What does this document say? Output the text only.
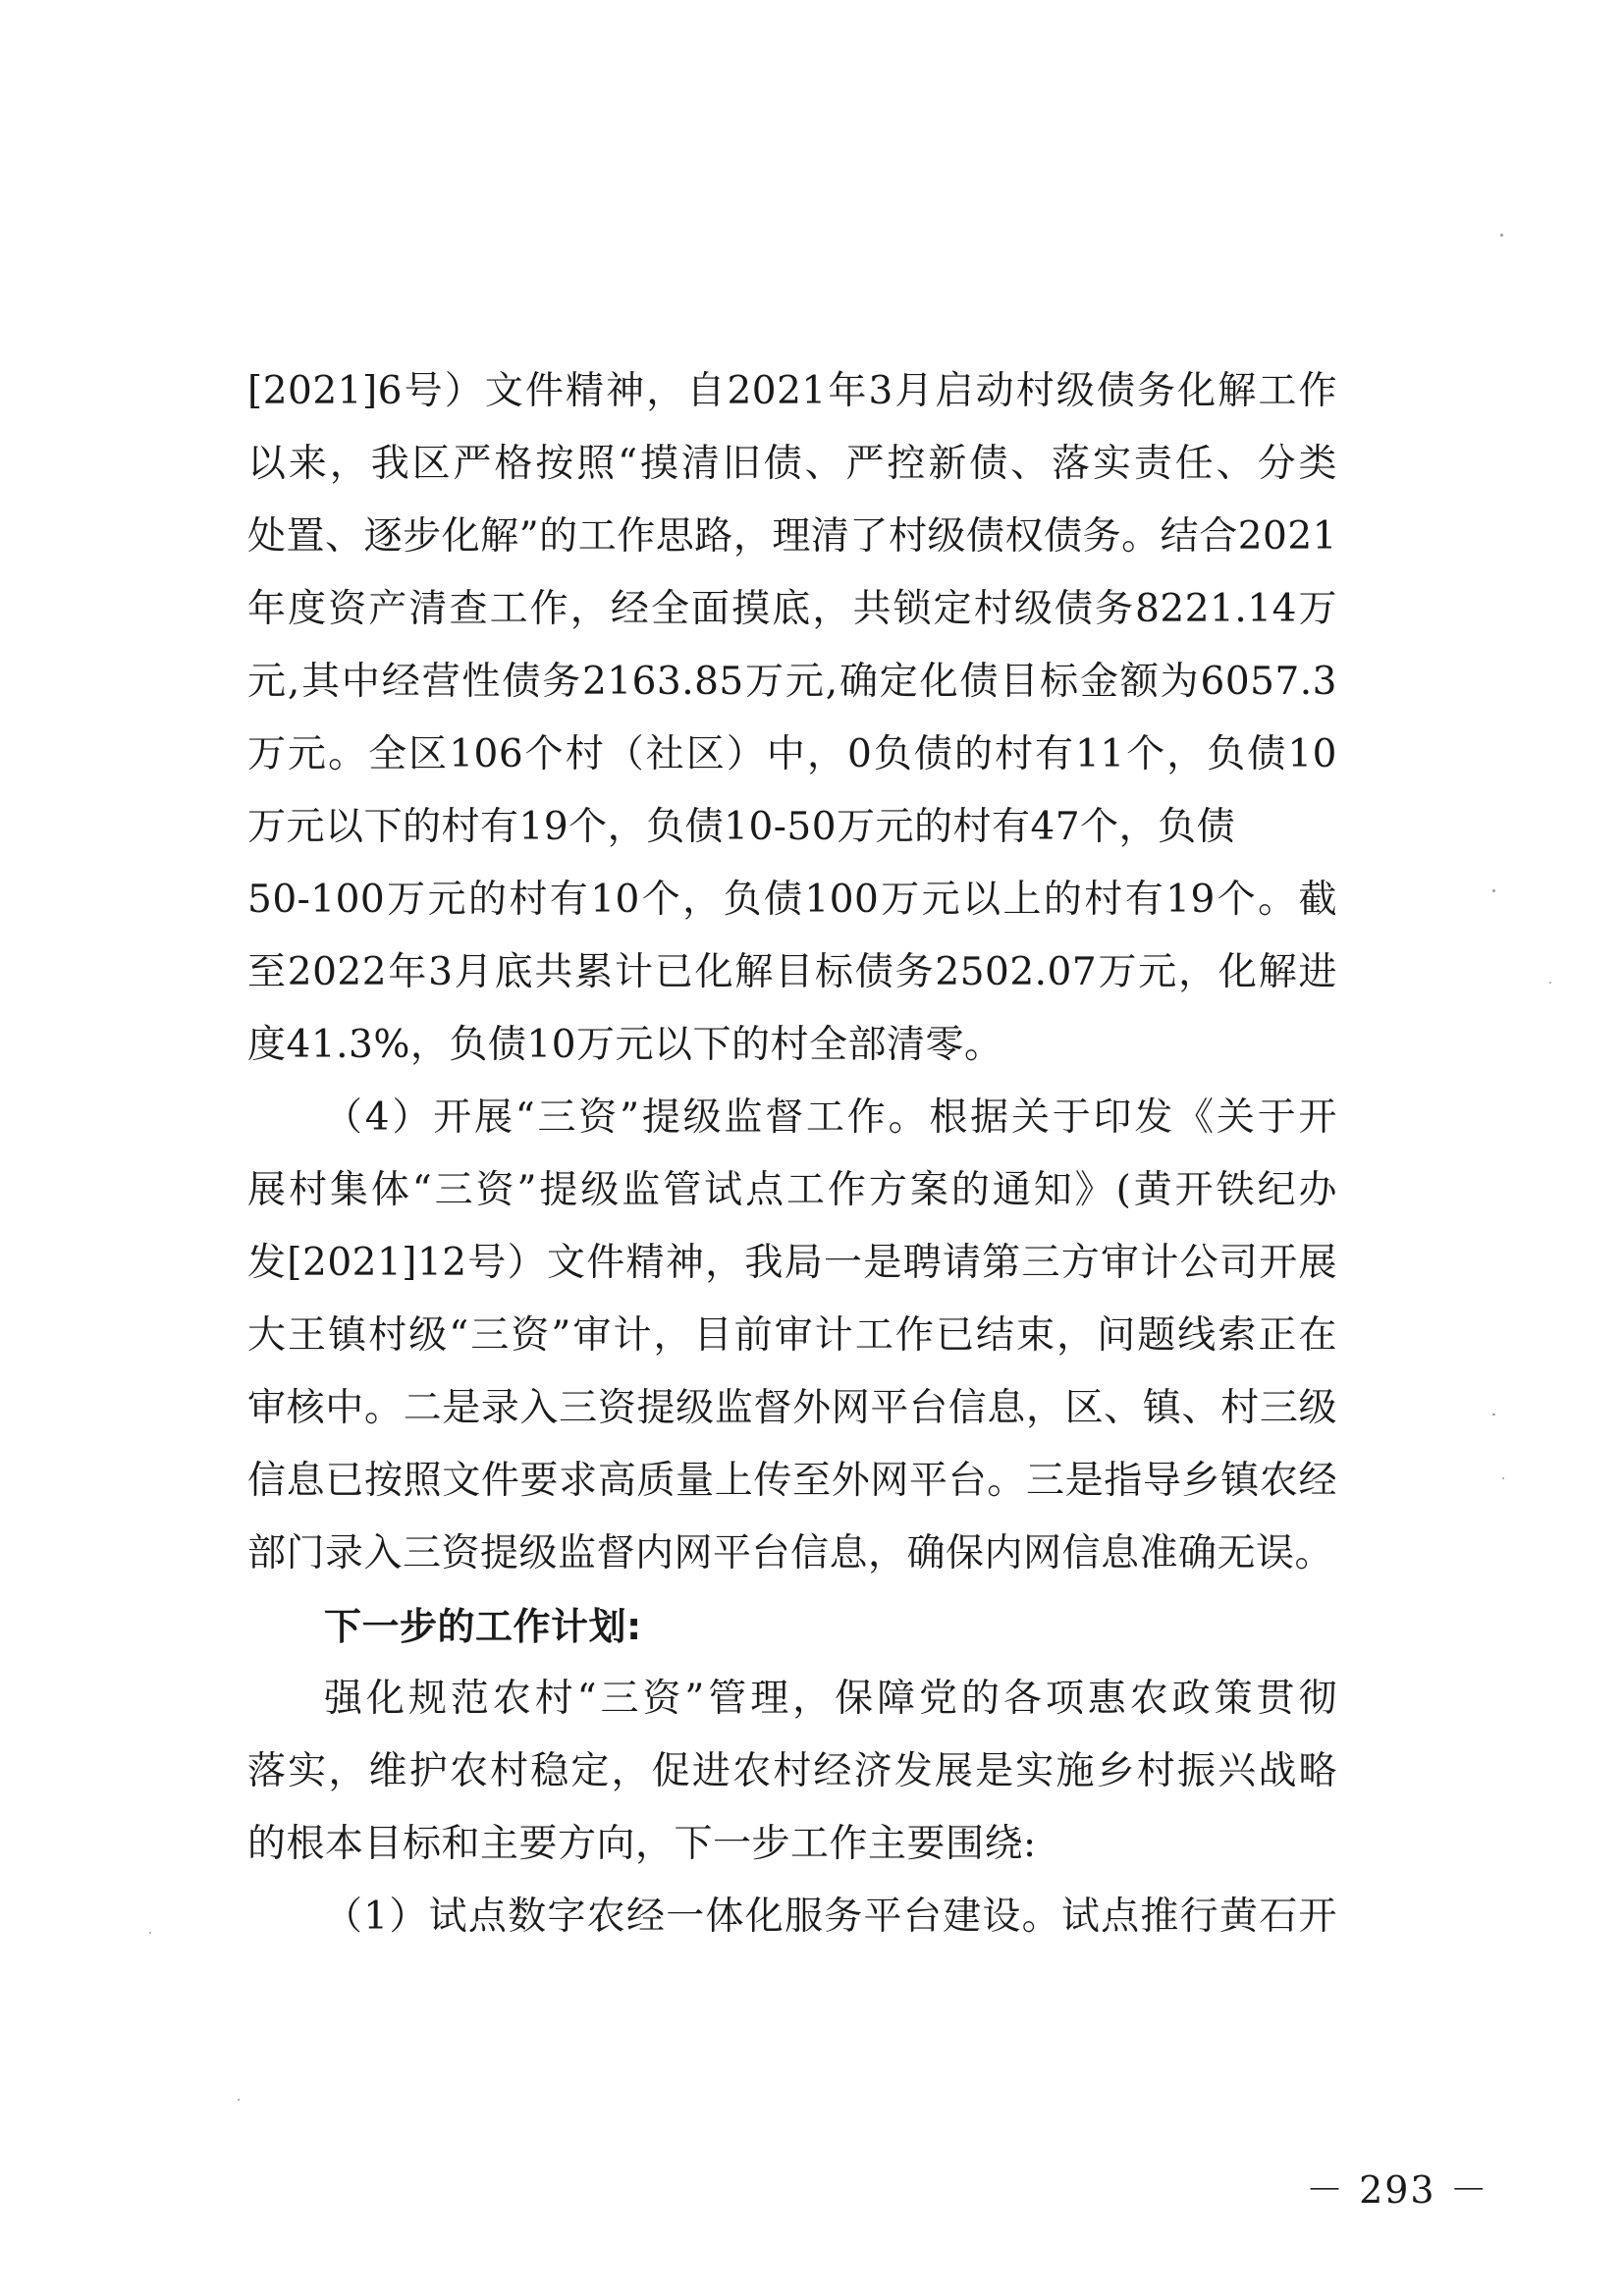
[2021]6号）文件精神，自2021年3月启动村级债务化解工作
以来，我区严格按照“摸清旧债、严控新债、落实责任、分类
处置、逐步化解”的工作思路，理清了村级债权债务。结合2021
年度资产清查工作，经全面摸底，共锁定村级债务8221.14万
元,其中经营性债务2163.85万元,确定化债目标金额为6057.3
万元。全区106个村（社区）中，0负债的村有11个，负债10
万元以下的村有19个，负债10-50万元的村有47个，负债
50-100万元的村有10个，负债100万元以上的村有19个。截
至2022年3月底共累计已化解目标债务2502.07万元，化解进
度41.3%，负债10万元以下的村全部清零。
（4）开展“三资”提级监督工作。根据关于印发《关于开
展村集体“三资”提级监管试点工作方案的通知》(黄开铁纪办
发[2021]12号）文件精神，我局一是聘请第三方审计公司开展
大王镇村级“三资”审计，目前审计工作已结束，问题线索正在
审核中。二是录入三资提级监督外网平台信息，区、镇、村三级
信息已按照文件要求高质量上传至外网平台。三是指导乡镇农经
部门录入三资提级监督内网平台信息，确保内网信息准确无误。
下一步的工作计划:
强化规范农村“三资”管理，保障党的各项惠农政策贯彻
落实，维护农村稳定，促进农村经济发展是实施乡村振兴战略
的根本目标和主要方向，下一步工作主要围绕:
（1）试点数字农经一体化服务平台建设。试点推行黄石开
－ 293 －
